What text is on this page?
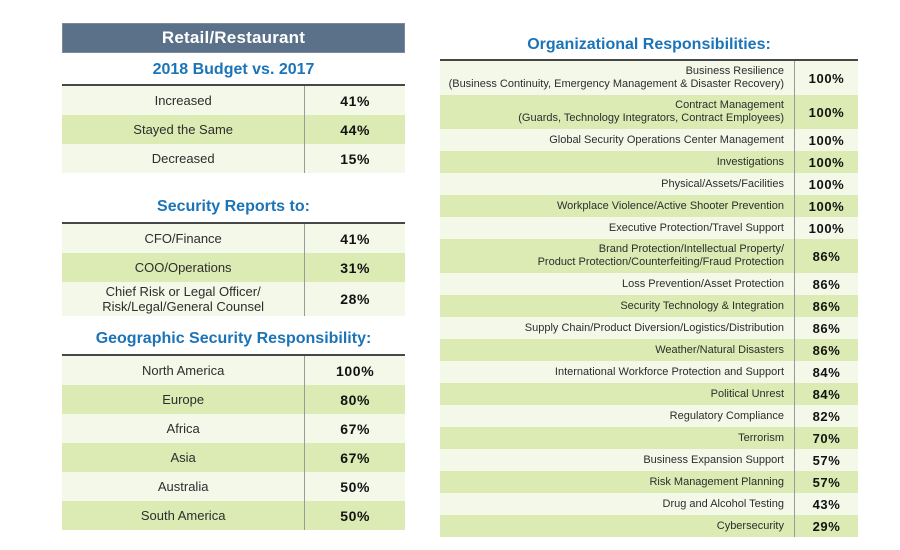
Retail/Restaurant
2018 Budget vs. 2017
Increased	41%
Stayed the Same	44%
Decreased	15%
Security Reports to:
CFO/Finance	41%
COO/Operations	31%
Chief Risk or Legal Officer/
Risk/Legal/General Counsel	28%
Geographic Security Responsibility:
North America	100%
Europe	80%
Africa	67%
Asia	67%
Australia	50%
South America	50%
Organizational Responsibilities:
Business Resilience
(Business Continuity, Emergency Management & Disaster Recovery)	100%
Contract Management
(Guards, Technology Integrators, Contract Employees)	100%
Global Security Operations Center Management	100%
Investigations	100%
Physical/Assets/Facilities	100%
Workplace Violence/Active Shooter Prevention	100%
Executive Protection/Travel Support	100%
Brand Protection/Intellectual Property/
Product Protection/Counterfeiting/Fraud Protection	86%
Loss Prevention/Asset Protection	86%
Security Technology & Integration	86%
Supply Chain/Product Diversion/Logistics/Distribution	86%
Weather/Natural Disasters	86%
International Workforce Protection and Support	84%
Political Unrest	84%
Regulatory Compliance	82%
Terrorism	70%
Business Expansion Support	57%
Risk Management Planning	57%
Drug and Alcohol Testing	43%
Cybersecurity	29%
